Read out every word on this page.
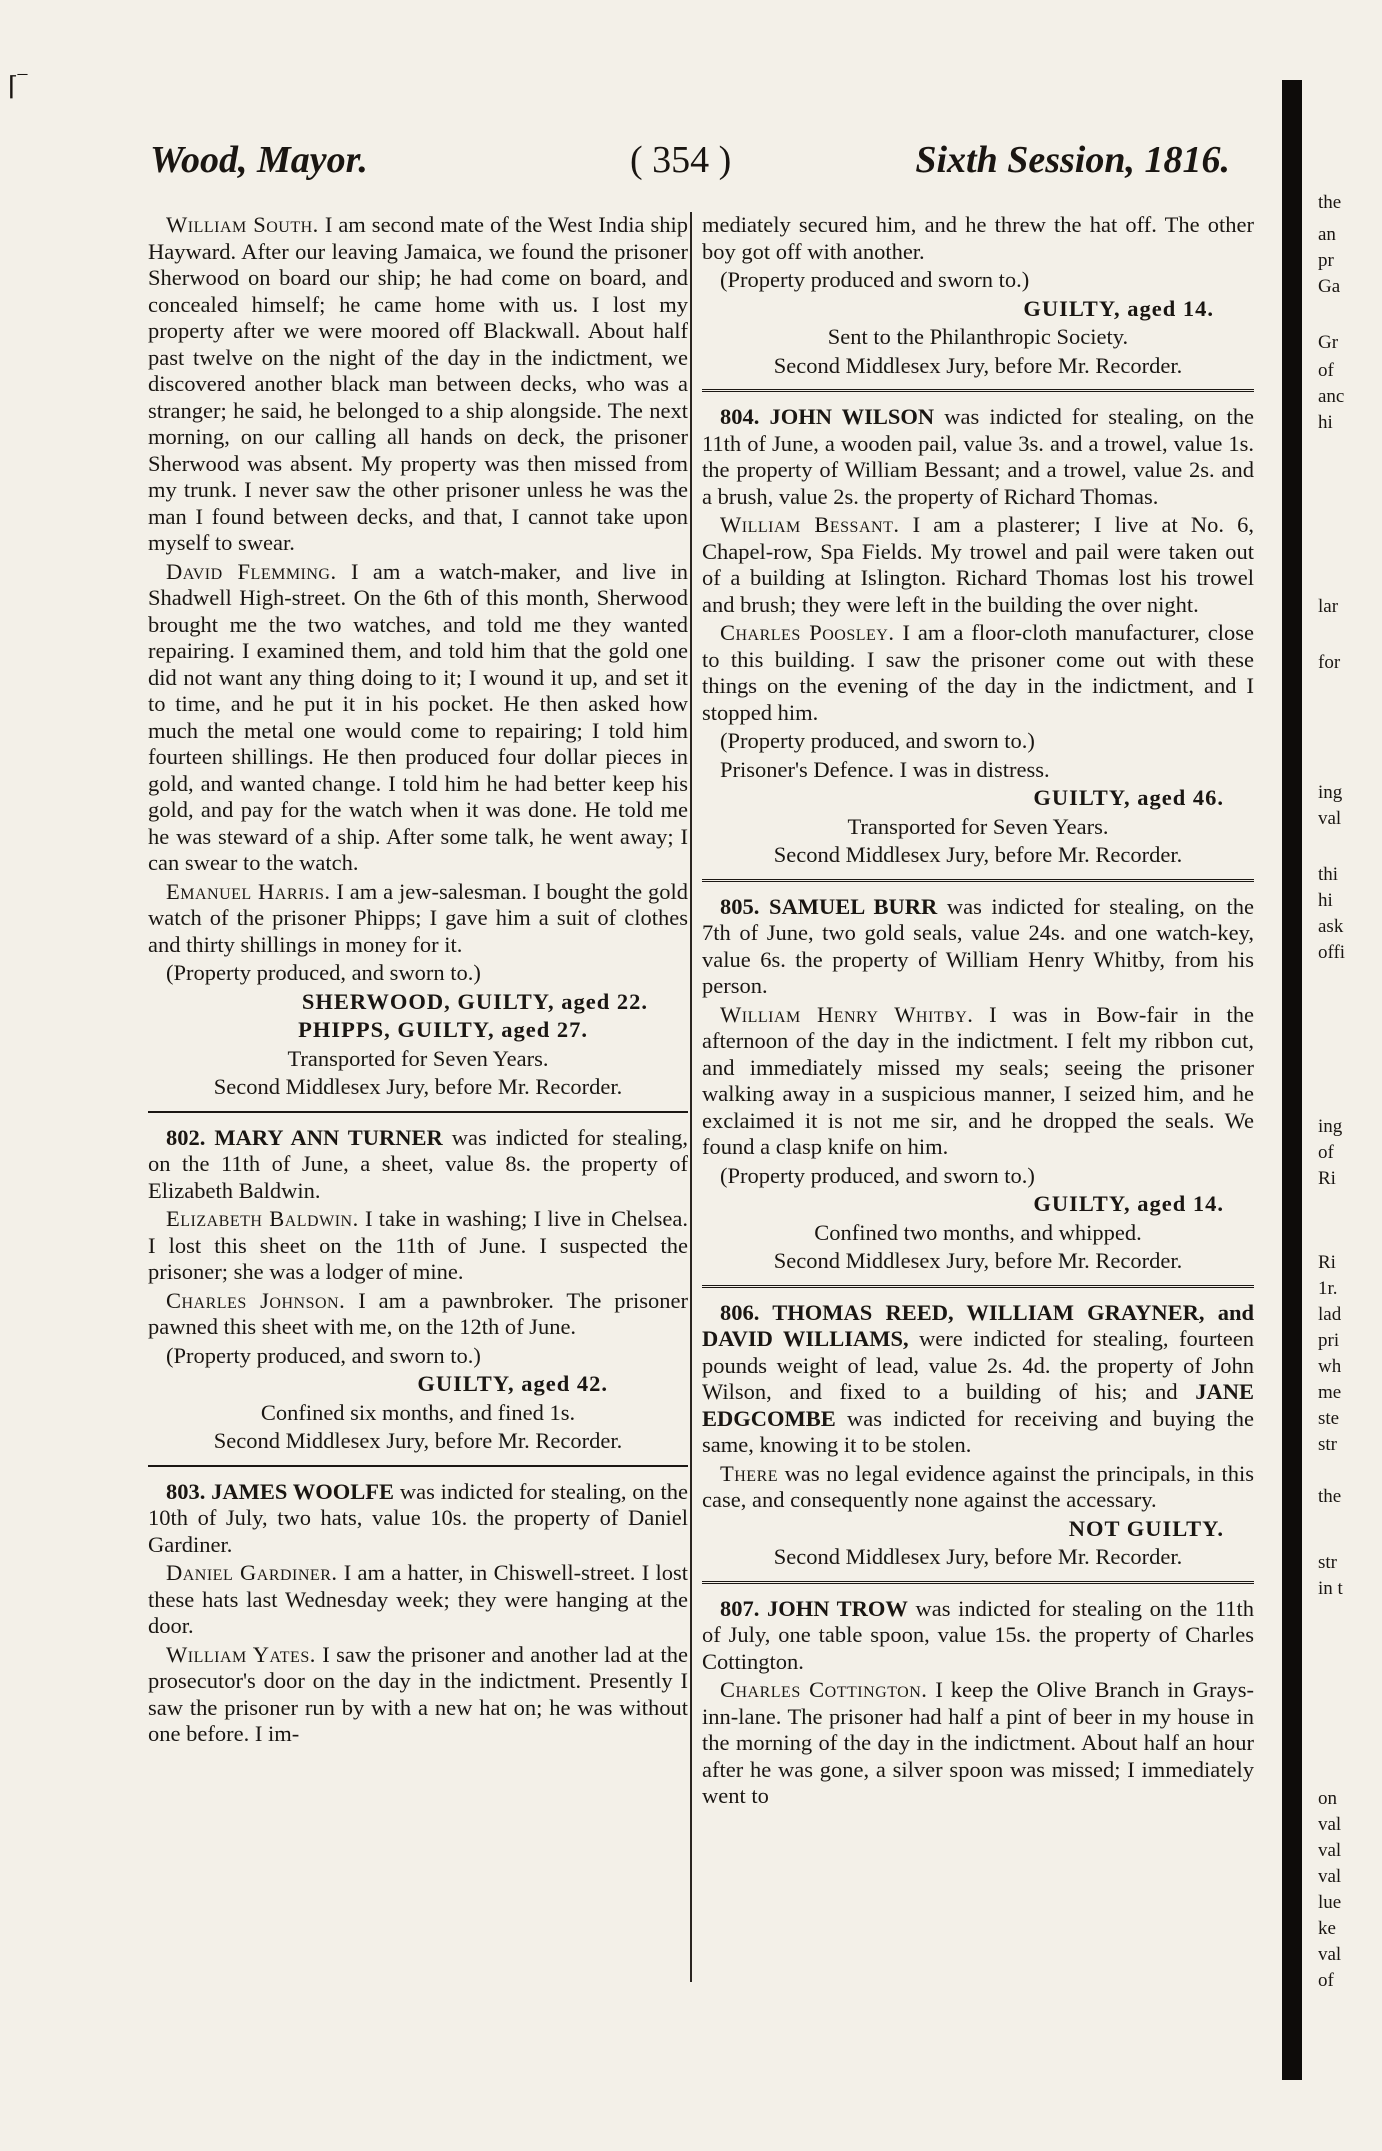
⌈‾
Wood, Mayor.	( 354 )	Sixth Session, 1816.

William South. I am second mate of the West India ship Hayward. After our leaving Jamaica, we found the prisoner Sherwood on board our ship; he had come on board, and concealed himself; he came home with us. I lost my property after we were moored off Blackwall. About half past twelve on the night of the day in the indictment, we discovered another black man between decks, who was a stranger; he said, he belonged to a ship alongside. The next morning, on our calling all hands on deck, the prisoner Sherwood was absent. My property was then missed from my trunk. I never saw the other prisoner unless he was the man I found between decks, and that, I cannot take upon myself to swear.

David Flemming. I am a watch-maker, and live in Shadwell High-street. On the 6th of this month, Sherwood brought me the two watches, and told me they wanted repairing. I examined them, and told him that the gold one did not want any thing doing to it; I wound it up, and set it to time, and he put it in his pocket. He then asked how much the metal one would come to repairing; I told him fourteen shillings. He then produced four dollar pieces in gold, and wanted change. I told him he had better keep his gold, and pay for the watch when it was done. He told me he was steward of a ship. After some talk, he went away; I can swear to the watch.

Emanuel Harris. I am a jew-salesman. I bought the gold watch of the prisoner Phipps; I gave him a suit of clothes and thirty shillings in money for it.

(Property produced, and sworn to.)

SHERWOOD, GUILTY, aged 22.

PHIPPS, GUILTY, aged 27.

Transported for Seven Years.

Second Middlesex Jury, before Mr. Recorder.

802. MARY ANN TURNER was indicted for stealing, on the 11th of June, a sheet, value 8s. the property of Elizabeth Baldwin.

Elizabeth Baldwin. I take in washing; I live in Chelsea. I lost this sheet on the 11th of June. I suspected the prisoner; she was a lodger of mine.

Charles Johnson. I am a pawnbroker. The prisoner pawned this sheet with me, on the 12th of June.

(Property produced, and sworn to.)

GUILTY, aged 42.

Confined six months, and fined 1s.

Second Middlesex Jury, before Mr. Recorder.

803. JAMES WOOLFE was indicted for stealing, on the 10th of July, two hats, value 10s. the property of Daniel Gardiner.

Daniel Gardiner. I am a hatter, in Chiswell-street. I lost these hats last Wednesday week; they were hanging at the door.

William Yates. I saw the prisoner and another lad at the prosecutor's door on the day in the indictment. Presently I saw the prisoner run by with a new hat on; he was without one before. I im-

mediately secured him, and he threw the hat off. The other boy got off with another.

(Property produced and sworn to.)

GUILTY, aged 14.

Sent to the Philanthropic Society.

Second Middlesex Jury, before Mr. Recorder.

804. JOHN WILSON was indicted for stealing, on the 11th of June, a wooden pail, value 3s. and a trowel, value 1s. the property of William Bessant; and a trowel, value 2s. and a brush, value 2s. the property of Richard Thomas.

William Bessant. I am a plasterer; I live at No. 6, Chapel-row, Spa Fields. My trowel and pail were taken out of a building at Islington. Richard Thomas lost his trowel and brush; they were left in the building the over night.

Charles Poosley. I am a floor-cloth manufacturer, close to this building. I saw the prisoner come out with these things on the evening of the day in the indictment, and I stopped him.

(Property produced, and sworn to.)

Prisoner's Defence. I was in distress.

GUILTY, aged 46.

Transported for Seven Years.

Second Middlesex Jury, before Mr. Recorder.

805. SAMUEL BURR was indicted for stealing, on the 7th of June, two gold seals, value 24s. and one watch-key, value 6s. the property of William Henry Whitby, from his person.

William Henry Whitby. I was in Bow-fair in the afternoon of the day in the indictment. I felt my ribbon cut, and immediately missed my seals; seeing the prisoner walking away in a suspicious manner, I seized him, and he exclaimed it is not me sir, and he dropped the seals. We found a clasp knife on him.

(Property produced, and sworn to.)

GUILTY, aged 14.

Confined two months, and whipped.

Second Middlesex Jury, before Mr. Recorder.

806. THOMAS REED, WILLIAM GRAYNER, and DAVID WILLIAMS, were indicted for stealing, fourteen pounds weight of lead, value 2s. 4d. the property of John Wilson, and fixed to a building of his; and JANE EDGCOMBE was indicted for receiving and buying the same, knowing it to be stolen.

There was no legal evidence against the principals, in this case, and consequently none against the accessary.

NOT GUILTY.

Second Middlesex Jury, before Mr. Recorder.

807. JOHN TROW was indicted for stealing on the 11th of July, one table spoon, value 15s. the property of Charles Cottington.

Charles Cottington. I keep the Olive Branch in Grays-inn-lane. The prisoner had half a pint of beer in my house in the morning of the day in the indictment. About half an hour after he was gone, a silver spoon was missed; I immediately went to

the
an
pr
Ga
Gr
of
anc
hi
lar
for
ing
val
thi
hi
ask
offi
ing
of
Ri
Ri
1r.
lad
pri
wh
me
ste
str
the
str
in t
on
val
val
val
lue
ke
val
of
